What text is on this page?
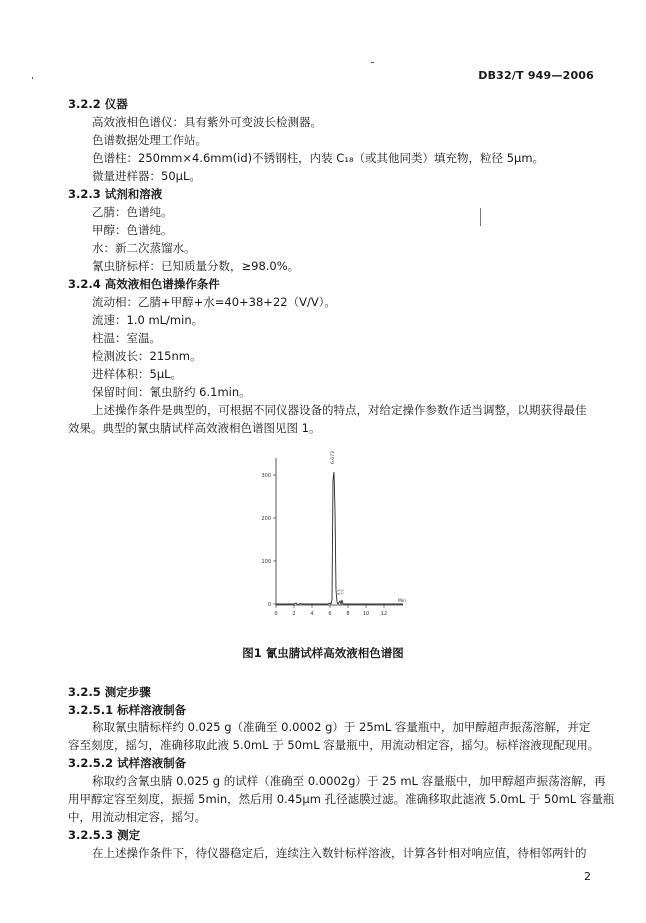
DB32/T 949—2006
3.2.2 仪器
高效液相色谱仪：具有紫外可变波长检测器。
色谱数据处理工作站。
色谱柱：250mm×4.6mm(id)不锈钢柱，内装 C₁₈（或其他同类）填充物，粒径 5μm。
微量进样器：50μL。
3.2.3 试剂和溶液
乙腈：色谱纯。
甲醇：色谱纯。
水：新二次蒸馏水。
氰虫脐标样：已知质量分数，≥98.0%。
3.2.4 高效液相色谱操作条件
流动相：乙腈+甲醇+水=40+38+22（V/V）。
流速：1.0 mL/min。
柱温：室温。
检测波长：215nm。
进样体积：5μL。
保留时间：氰虫脐约 6.1min。
上述操作条件是典型的，可根据不同仪器设备的特点，对给定操作参数作适当调整，以期获得最佳
效果。典型的氰虫腈试样高效液相色谱图见图 1。
300
200
100
0
0	2	4	6	8	10 12
Min
6.073
6.5 7.0
图1 氰虫腈试样高效液相色谱图
3.2.5 测定步骤
3.2.5.1 标样溶液制备
称取氰虫腈标样约 0.025 g（准确至 0.0002 g）于 25mL 容量瓶中，加甲醇超声振荡溶解，并定
容至刻度，摇匀，准确移取此液 5.0mL 于 50mL 容量瓶中，用流动相定容，摇匀。标样溶液现配现用。
3.2.5.2 试样溶液制备
称取约含氰虫腈 0.025 g 的试样（准确至 0.0002g）于 25 mL 容量瓶中，加甲醇超声振荡溶解，再
用甲醇定容至刻度，振摇 5min，然后用 0.45μm 孔径滤膜过滤。准确移取此滤液 5.0mL 于 50mL 容量瓶
中，用流动相定容，摇匀。
3.2.5.3 测定
在上述操作条件下，待仪器稳定后，连续注入数针标样溶液，计算各针相对响应值，待相邻两针的
2
